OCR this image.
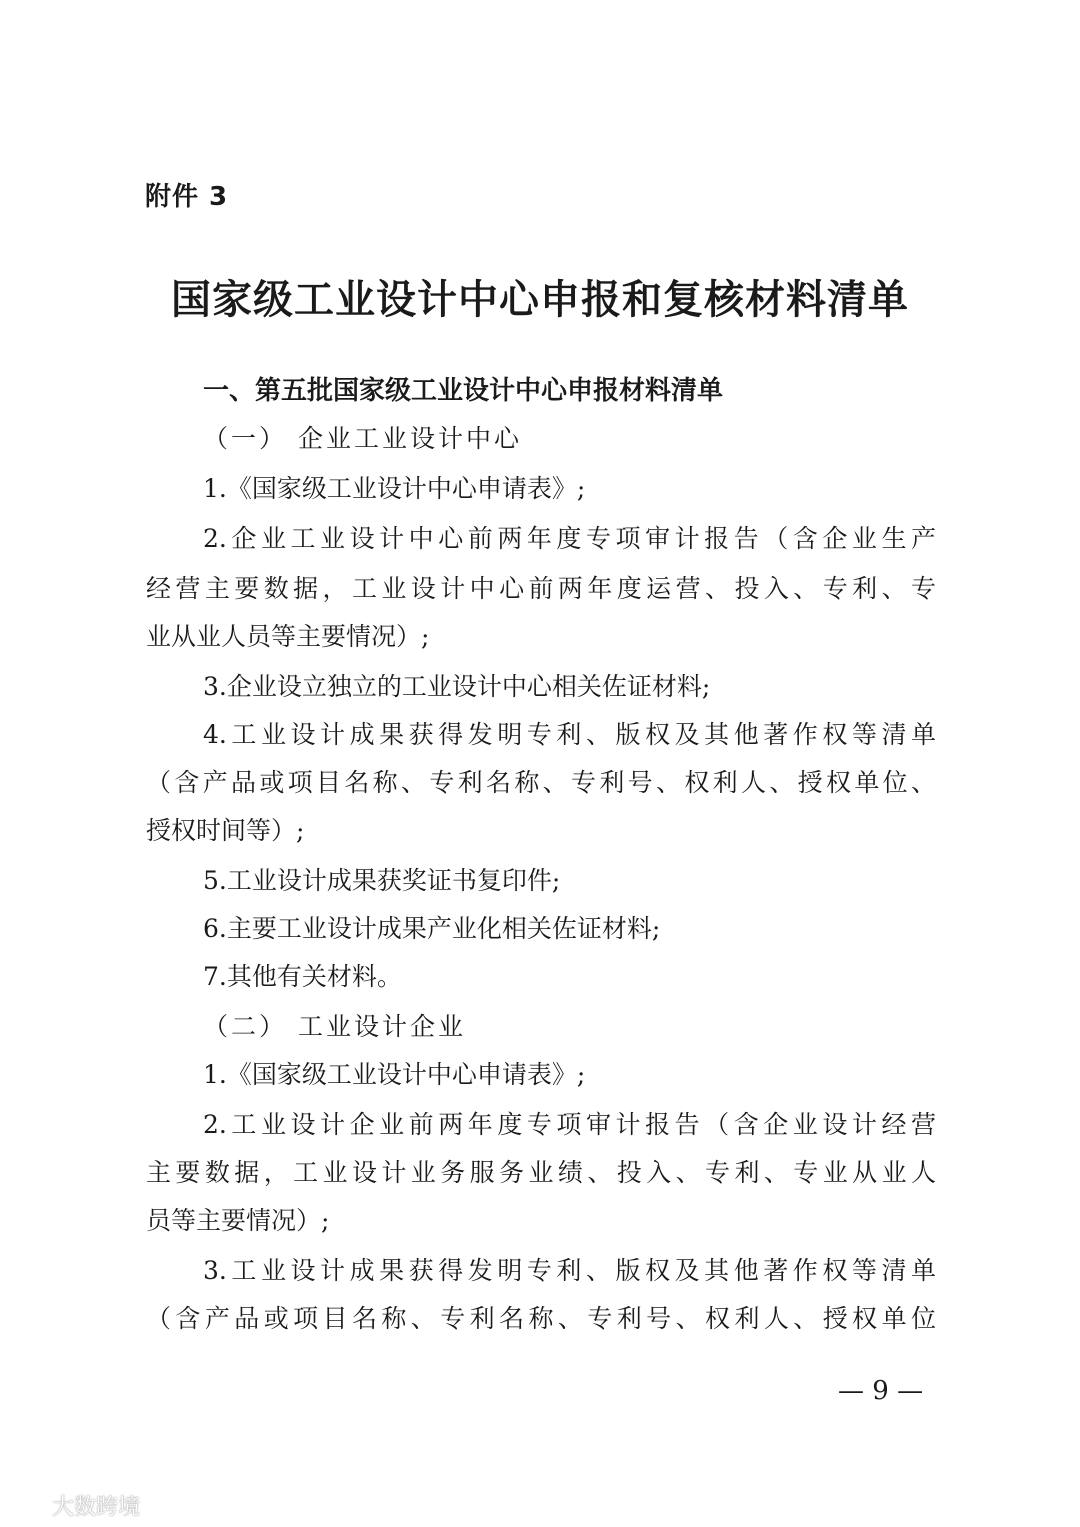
附件 3
国家级工业设计中心申报和复核材料清单
一、第五批国家级工业设计中心申报材料清单
（一） 企业工业设计中心
1.《国家级工业设计中心申请表》;
2.企业工业设计中心前两年度专项审计报告（含企业生产
经营主要数据，工业设计中心前两年度运营、投入、专利、专
业从业人员等主要情况）;
3.企业设立独立的工业设计中心相关佐证材料;
4.工业设计成果获得发明专利、版权及其他著作权等清单
（含产品或项目名称、专利名称、专利号、权利人、授权单位、
授权时间等）;
5.工业设计成果获奖证书复印件;
6.主要工业设计成果产业化相关佐证材料;
7.其他有关材料。
（二） 工业设计企业
1.《国家级工业设计中心申请表》;
2.工业设计企业前两年度专项审计报告（含企业设计经营
主要数据，工业设计业务服务业绩、投入、专利、专业从业人
员等主要情况）;
3.工业设计成果获得发明专利、版权及其他著作权等清单
（含产品或项目名称、专利名称、专利号、权利人、授权单位
— 9 —
大数跨境
